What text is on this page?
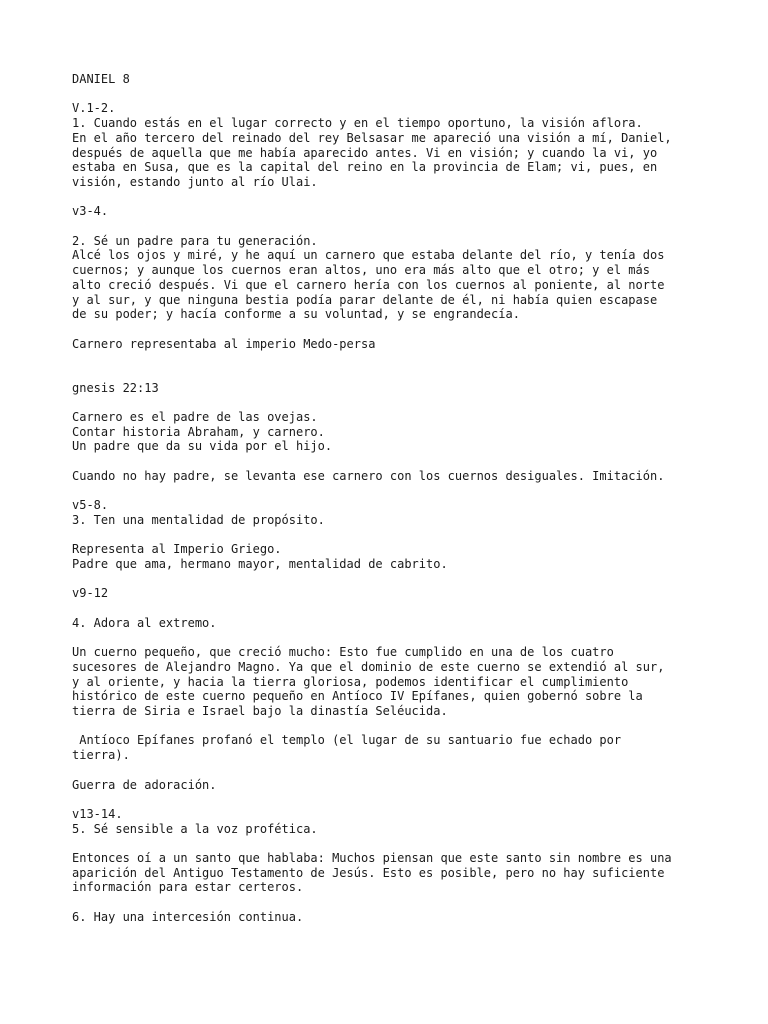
DANIEL 8
V.1-2.
1. Cuando estás en el lugar correcto y en el tiempo oportuno, la visión aflora.
En el año tercero del reinado del rey Belsasar me apareció una visión a mí, Daniel,
después de aquella que me había aparecido antes. Vi en visión; y cuando la vi, yo
estaba en Susa, que es la capital del reino en la provincia de Elam; vi, pues, en
visión, estando junto al río Ulai.
v3-4.
2. Sé un padre para tu generación.
Alcé los ojos y miré, y he aquí un carnero que estaba delante del río, y tenía dos
cuernos; y aunque los cuernos eran altos, uno era más alto que el otro; y el más
alto creció después. Vi que el carnero hería con los cuernos al poniente, al norte
y al sur, y que ninguna bestia podía parar delante de él, ni había quien escapase
de su poder; y hacía conforme a su voluntad, y se engrandecía.
Carnero representaba al imperio Medo-persa
gnesis 22:13
Carnero es el padre de las ovejas.
Contar historia Abraham, y carnero.
Un padre que da su vida por el hijo.
Cuando no hay padre, se levanta ese carnero con los cuernos desiguales. Imitación.
v5-8.
3. Ten una mentalidad de propósito.
Representa al Imperio Griego.
Padre que ama, hermano mayor, mentalidad de cabrito.
v9-12
4. Adora al extremo.
Un cuerno pequeño, que creció mucho: Esto fue cumplido en una de los cuatro
sucesores de Alejandro Magno. Ya que el dominio de este cuerno se extendió al sur,
y al oriente, y hacia la tierra gloriosa, podemos identificar el cumplimiento
histórico de este cuerno pequeño en Antíoco IV Epífanes, quien gobernó sobre la
tierra de Siria e Israel bajo la dinastía Seléucida.
Antíoco Epífanes profanó el templo (el lugar de su santuario fue echado por
tierra).
Guerra de adoración.
v13-14.
5. Sé sensible a la voz profética.
Entonces oí a un santo que hablaba: Muchos piensan que este santo sin nombre es una
aparición del Antiguo Testamento de Jesús. Esto es posible, pero no hay suficiente
información para estar certeros.
6. Hay una intercesión continua.
